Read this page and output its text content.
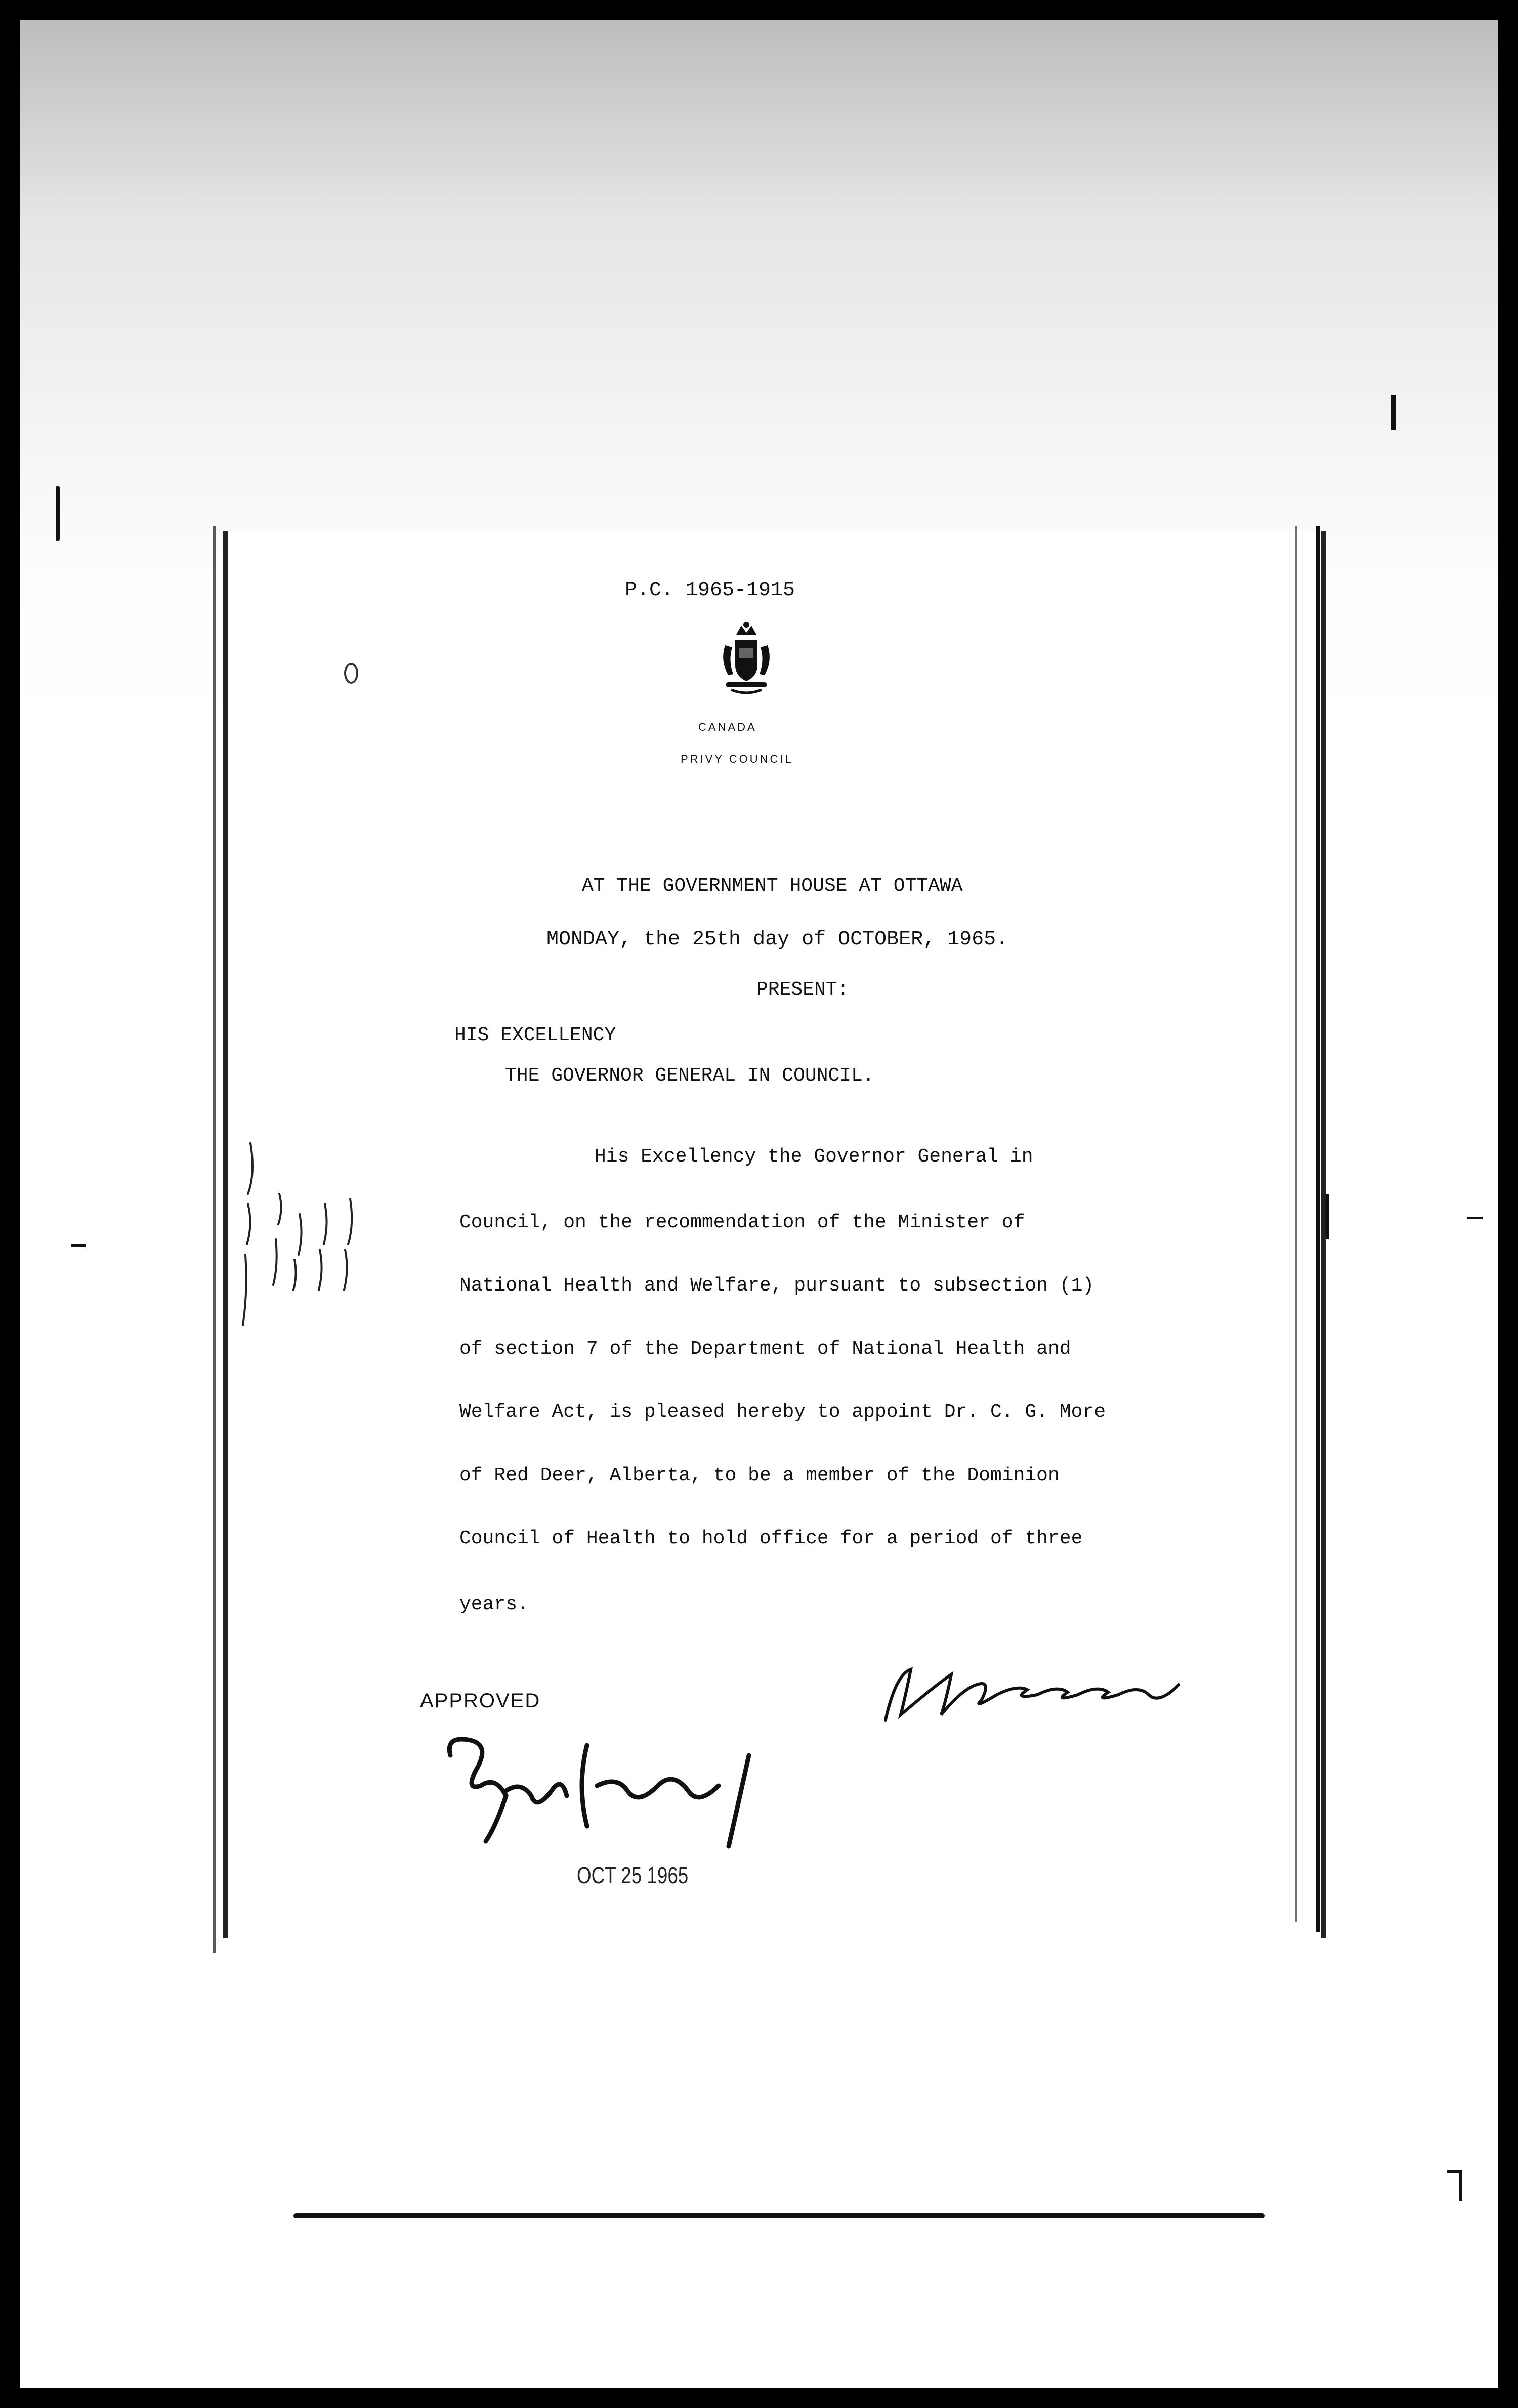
P.C. 1965-1915
CANADA
PRIVY COUNCIL
AT THE GOVERNMENT HOUSE AT OTTAWA
MONDAY, the 25th day of OCTOBER, 1965.
PRESENT:
HIS EXCELLENCY
THE GOVERNOR GENERAL IN COUNCIL.
His Excellency the Governor General in
Council, on the recommendation of the Minister of
National Health and Welfare, pursuant to subsection (1)
of section 7 of the Department of National Health and
Welfare Act, is pleased hereby to appoint Dr. C. G. More
of Red Deer, Alberta, to be a member of the Dominion
Council of Health to hold office for a period of three
years.
APPROVED
OCT 25 1965
